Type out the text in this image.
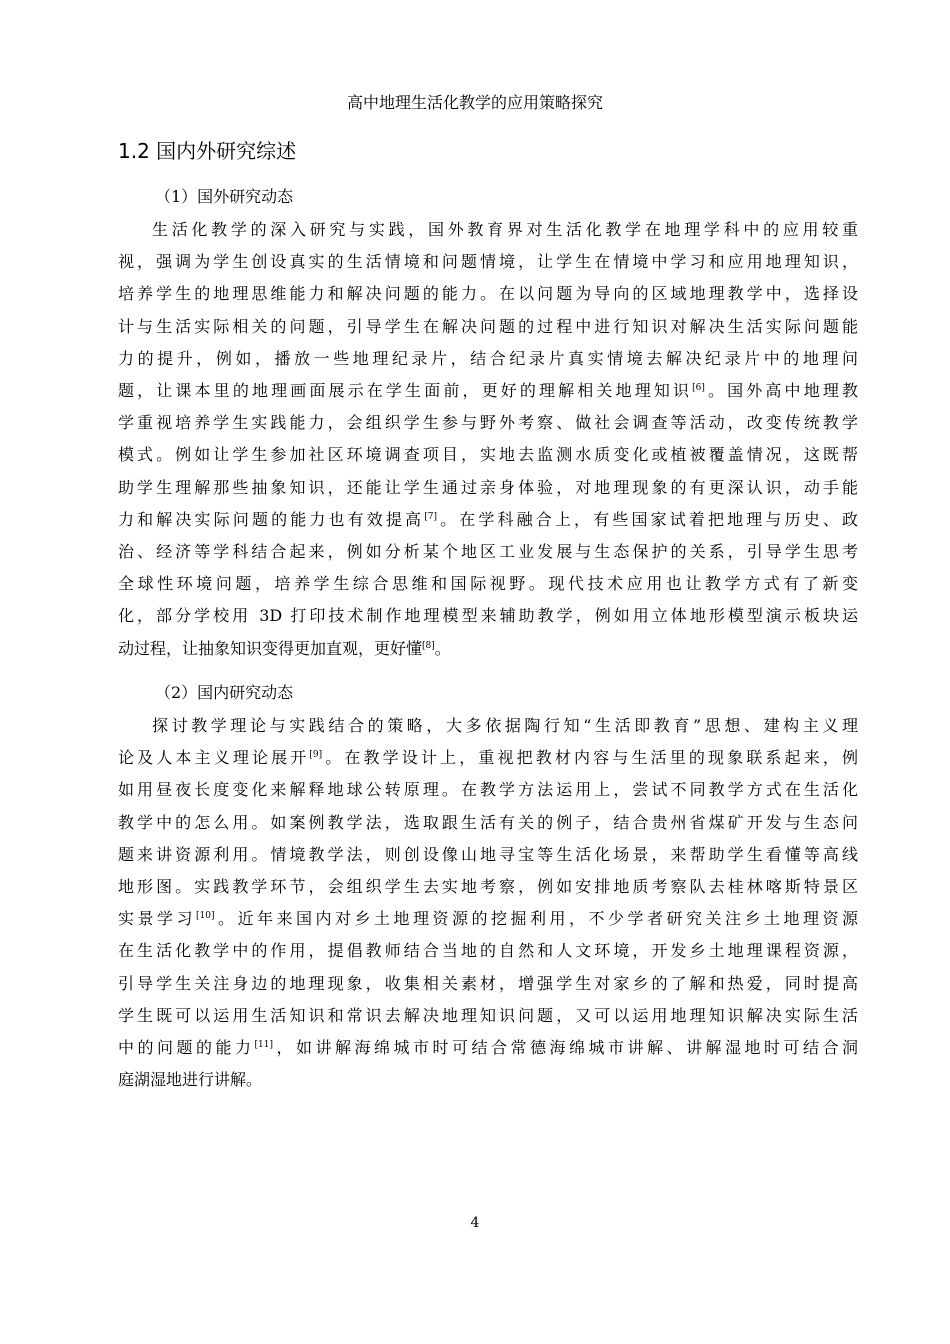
高中地理生活化教学的应用策略探究
1.2 国内外研究综述
（1）国外研究动态
生活化教学的深入研究与实践，国外教育界对生活化教学在地理学科中的应用较重
视，强调为学生创设真实的生活情境和问题情境，让学生在情境中学习和应用地理知识，
培养学生的地理思维能力和解决问题的能力。在以问题为导向的区域地理教学中，选择设
计与生活实际相关的问题，引导学生在解决问题的过程中进行知识对解决生活实际问题能
力的提升，例如，播放一些地理纪录片，结合纪录片真实情境去解决纪录片中的地理问
题，让课本里的地理画面展示在学生面前，更好的理解相关地理知识[6]。国外高中地理教
学重视培养学生实践能力，会组织学生参与野外考察、做社会调查等活动，改变传统教学
模式。例如让学生参加社区环境调查项目，实地去监测水质变化或植被覆盖情况，这既帮
助学生理解那些抽象知识，还能让学生通过亲身体验，对地理现象的有更深认识，动手能
力和解决实际问题的能力也有效提高[7]。在学科融合上，有些国家试着把地理与历史、政
治、经济等学科结合起来，例如分析某个地区工业发展与生态保护的关系，引导学生思考
全球性环境问题，培养学生综合思维和国际视野。现代技术应用也让教学方式有了新变
化，部分学校用 3D 打印技术制作地理模型来辅助教学，例如用立体地形模型演示板块运
动过程，让抽象知识变得更加直观，更好懂[8]。
（2）国内研究动态
探讨教学理论与实践结合的策略，大多依据陶行知“生活即教育”思想、建构主义理
论及人本主义理论展开[9]。在教学设计上，重视把教材内容与生活里的现象联系起来，例
如用昼夜长度变化来解释地球公转原理。在教学方法运用上，尝试不同教学方式在生活化
教学中的怎么用。如案例教学法，选取跟生活有关的例子，结合贵州省煤矿开发与生态问
题来讲资源利用。情境教学法，则创设像山地寻宝等生活化场景，来帮助学生看懂等高线
地形图。实践教学环节，会组织学生去实地考察，例如安排地质考察队去桂林喀斯特景区
实景学习[10]。近年来国内对乡土地理资源的挖掘利用，不少学者研究关注乡土地理资源
在生活化教学中的作用，提倡教师结合当地的自然和人文环境，开发乡土地理课程资源，
引导学生关注身边的地理现象，收集相关素材，增强学生对家乡的了解和热爱，同时提高
学生既可以运用生活知识和常识去解决地理知识问题，又可以运用地理知识解决实际生活
中的问题的能力[11]，如讲解海绵城市时可结合常德海绵城市讲解、讲解湿地时可结合洞
庭湖湿地进行讲解。
4
